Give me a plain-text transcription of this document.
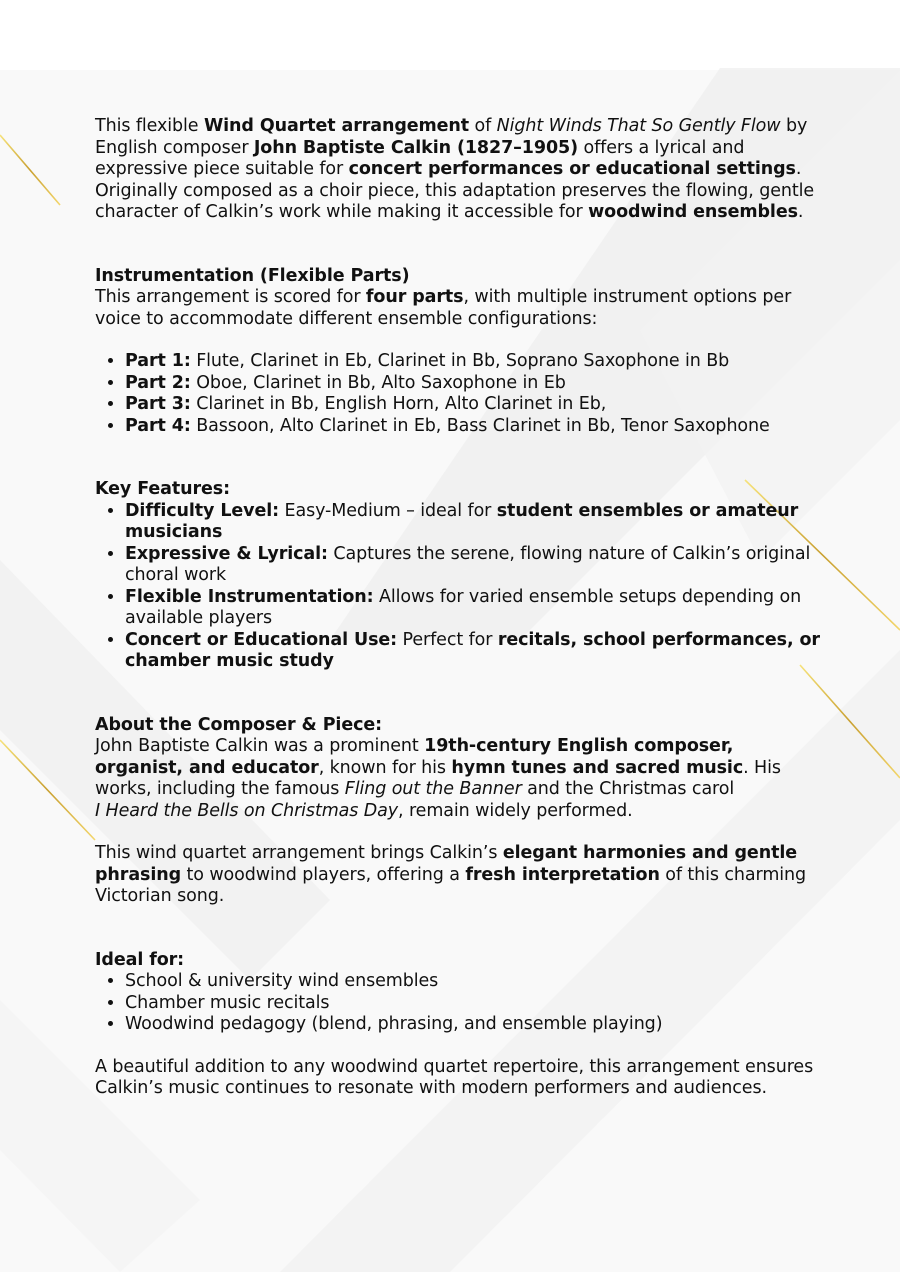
This flexible Wind Quartet arrangement of Night Winds That So Gently Flow by English composer John Baptiste Calkin (1827–1905) offers a lyrical and expressive piece suitable for concert performances or educational settings. Originally composed as a choir piece, this adaptation preserves the flowing, gentle character of Calkin’s work while making it accessible for woodwind ensembles.

Instrumentation (Flexible Parts)

This arrangement is scored for four parts, with multiple instrument options per voice to accommodate different ensemble configurations:

• Part 1: Flute, Clarinet in Eb, Clarinet in Bb, Soprano Saxophone in Bb
• Part 2: Oboe, Clarinet in Bb, Alto Saxophone in Eb
• Part 3: Clarinet in Bb, English Horn, Alto Clarinet in Eb,
• Part 4: Bassoon, Alto Clarinet in Eb, Bass Clarinet in Bb, Tenor Saxophone

Key Features:

• Difficulty Level: Easy-Medium – ideal for student ensembles or amateur musicians
• Expressive & Lyrical: Captures the serene, flowing nature of Calkin’s original choral work
• Flexible Instrumentation: Allows for varied ensemble setups depending on available players
• Concert or Educational Use: Perfect for recitals, school performances, or chamber music study

About the Composer & Piece:

John Baptiste Calkin was a prominent 19th-century English composer, organist, and educator, known for his hymn tunes and sacred music. His works, including the famous Fling out the Banner and the Christmas carol
I Heard the Bells on Christmas Day, remain widely performed.

This wind quartet arrangement brings Calkin’s elegant harmonies and gentle phrasing to woodwind players, offering a fresh interpretation of this charming Victorian song.

Ideal for:

• School & university wind ensembles
• Chamber music recitals
• Woodwind pedagogy (blend, phrasing, and ensemble playing)

A beautiful addition to any woodwind quartet repertoire, this arrangement ensures Calkin’s music continues to resonate with modern performers and audiences.
